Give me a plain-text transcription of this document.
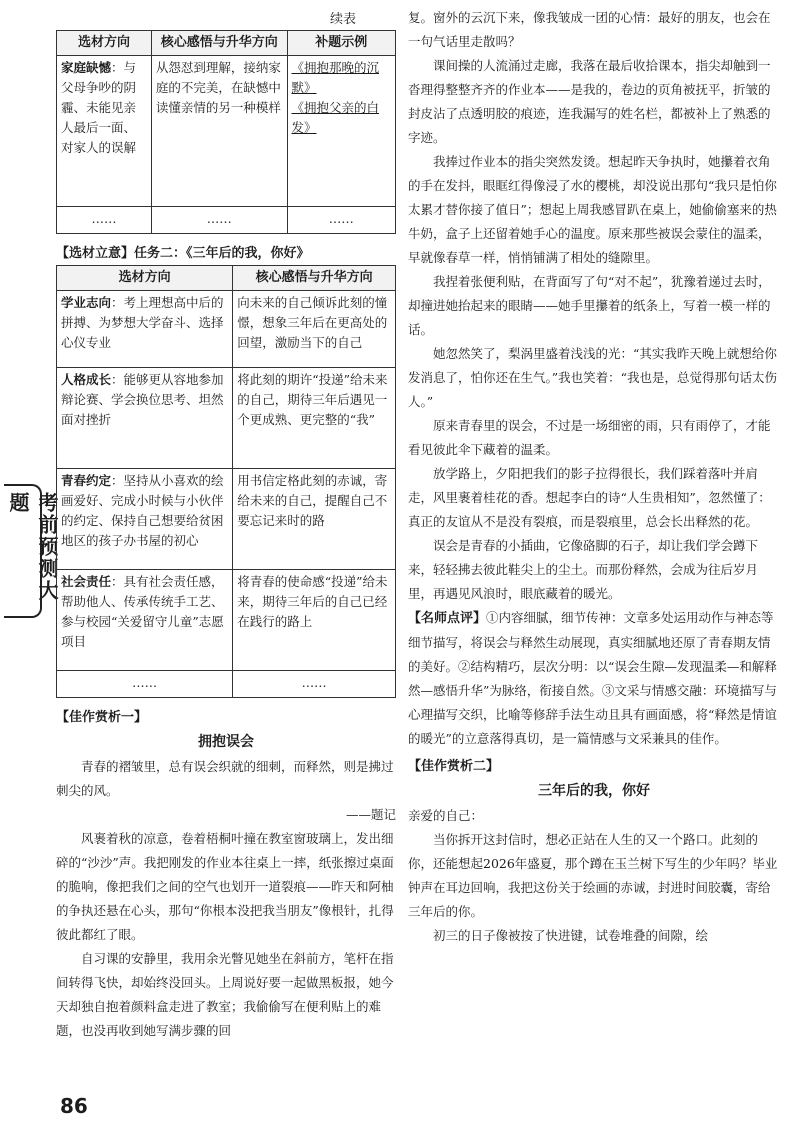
续表
考前预测大题
选材方向	核心感悟与升华方向	补题示例
家庭缺憾：与父母争吵的阴霾、未能见亲人最后一面、对家人的误解	从怨怼到理解，接纳家庭的不完美，在缺憾中读懂亲情的另一种模样	《拥抱那晚的沉默》
《拥抱父亲的白发》

……	……	……
【选材立意】任务二：《三年后的我，你好》
选材方向	核心感悟与升华方向
学业志向：考上理想高中后的拼搏、为梦想大学奋斗、选择心仪专业	向未来的自己倾诉此刻的憧憬，想象三年后在更高处的回望，激励当下的自己
人格成长：能够更从容地参加辩论赛、学会换位思考、坦然面对挫折	将此刻的期许“投递”给未来的自己，期待三年后遇见一个更成熟、更完整的“我”
青春约定：坚持从小喜欢的绘画爱好、完成小时候与小伙伴的约定、保持自己想要给贫困地区的孩子办书屋的初心	用书信定格此刻的赤诚，寄给未来的自己，提醒自己不要忘记来时的路
社会责任：具有社会责任感，帮助他人、传承传统手工艺、参与校园“关爱留守儿童”志愿项目	将青春的使命感“投递”给未来，期待三年后的自己已经在践行的路上
……	……
【佳作赏析一】
拥抱误会

青春的褶皱里，总有误会织就的细刺，而释然，则是拂过刺尖的风。

——题记

风裹着秋的凉意，卷着梧桐叶撞在教室窗玻璃上，发出细碎的“沙沙”声。我把刚发的作业本往桌上一摔，纸张擦过桌面的脆响，像把我们之间的空气也划开一道裂痕——昨天和阿柚的争执还悬在心头，那句“你根本没把我当朋友”像根针，扎得彼此都红了眼。

自习课的安静里，我用余光瞥见她坐在斜前方，笔杆在指间转得飞快，却始终没回头。上周说好要一起做黑板报，她今天却独自抱着颜料盒走进了教室；我偷偷写在便利贴上的难题，也没再收到她写满步骤的回

复。窗外的云沉下来，像我皱成一团的心情：最好的朋友，也会在一句气话里走散吗？

课间操的人流涌过走廊，我落在最后收拾课本，指尖却触到一沓理得整整齐齐的作业本——是我的，卷边的页角被抚平，折皱的封皮沾了点透明胶的痕迹，连我漏写的姓名栏，都被补上了熟悉的字迹。

我捧过作业本的指尖突然发烫。想起昨天争执时，她攥着衣角的手在发抖，眼眶红得像浸了水的樱桃，却没说出那句“我只是怕你太累才替你接了值日”；想起上周我感冒趴在桌上，她偷偷塞来的热牛奶，盒子上还留着她手心的温度。原来那些被误会蒙住的温柔，早就像春草一样，悄悄铺满了相处的缝隙里。

我捏着张便利贴，在背面写了句“对不起”，犹豫着递过去时，却撞进她抬起来的眼睛——她手里攥着的纸条上，写着一模一样的话。

她忽然笑了，梨涡里盛着浅浅的光：“其实我昨天晚上就想给你发消息了，怕你还在生气。”我也笑着：“我也是，总觉得那句话太伤人。”

原来青春里的误会，不过是一场细密的雨，只有雨停了，才能看见彼此伞下藏着的温柔。

放学路上，夕阳把我们的影子拉得很长，我们踩着落叶并肩走，风里裹着桂花的香。想起李白的诗“人生贵相知”，忽然懂了：真正的友谊从不是没有裂痕，而是裂痕里，总会长出释然的花。

误会是青春的小插曲，它像硌脚的石子，却让我们学会蹲下来，轻轻拂去彼此鞋尖上的尘土。而那份释然，会成为往后岁月里，再遇见风浪时，眼底藏着的暖光。

【名师点评】①内容细腻，细节传神：文章多处运用动作与神态等细节描写，将误会与释然生动展现，真实细腻地还原了青春期友情的美好。②结构精巧，层次分明：以“误会生隙—发现温柔—和解释然—感悟升华”为脉络，衔接自然。③文采与情感交融：环境描写与心理描写交织，比喻等修辞手法生动且具有画面感，将“释然是情谊的暖光”的立意落得真切，是一篇情感与文采兼具的佳作。

【佳作赏析二】
三年后的我，你好

亲爱的自己：

当你拆开这封信时，想必正站在人生的又一个路口。此刻的你，还能想起2026年盛夏，那个蹲在玉兰树下写生的少年吗？毕业钟声在耳边回响，我把这份关于绘画的赤诚，封进时间胶囊，寄给三年后的你。

初三的日子像被按了快进键，试卷堆叠的间隙，绘

86
